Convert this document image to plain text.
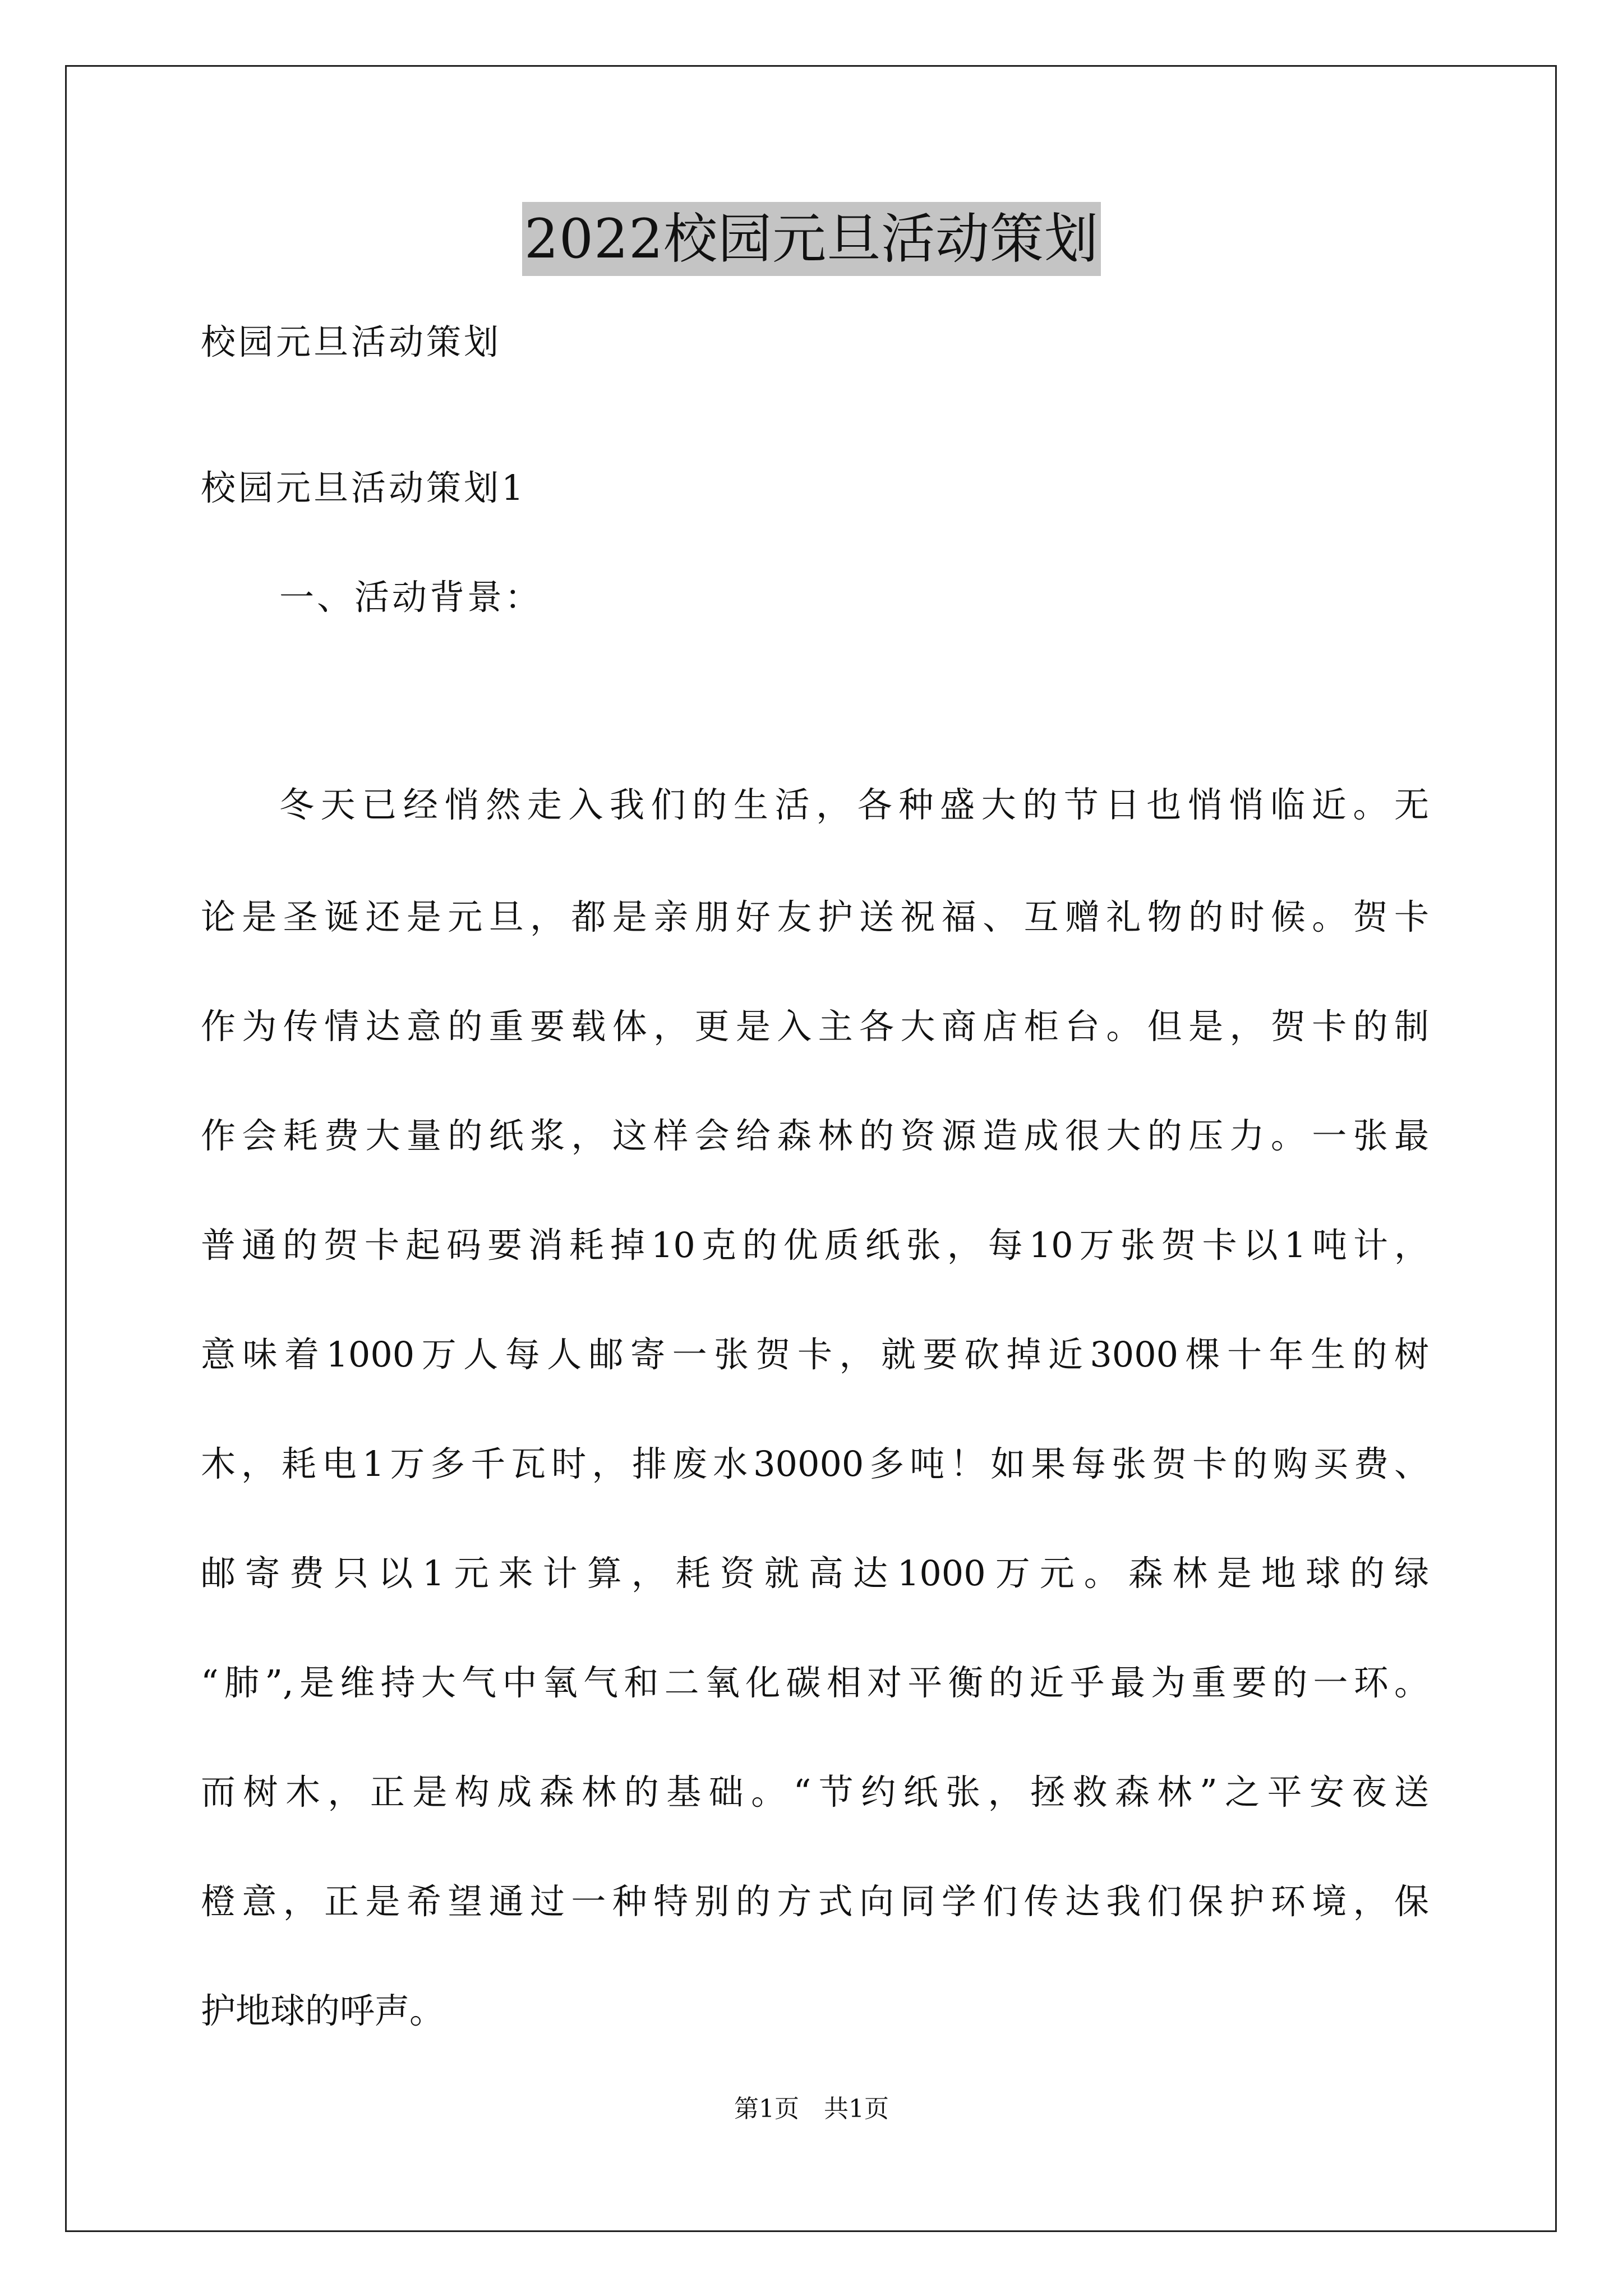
2022校园元旦活动策划
校园元旦活动策划
校园元旦活动策划1
一、活动背景：
冬天已经悄然走入我们的生活，各种盛大的节日也悄悄临近。无
论是圣诞还是元旦，都是亲朋好友护送祝福、互赠礼物的时候。贺卡
作为传情达意的重要载体，更是入主各大商店柜台。但是，贺卡的制
作会耗费大量的纸浆，这样会给森林的资源造成很大的压力。一张最
普通的贺卡起码要消耗掉10克的优质纸张，每10万张贺卡以1吨计，
意味着1000万人每人邮寄一张贺卡，就要砍掉近3000棵十年生的树
木，耗电1万多千瓦时，排废水30000多吨！如果每张贺卡的购买费、
邮寄费只以1元来计算，耗资就高达1000万元。森林是地球的绿
“肺”,是维持大气中氧气和二氧化碳相对平衡的近乎最为重要的一环。
而树木，正是构成森林的基础。“节约纸张，拯救森林”之平安夜送
橙意，正是希望通过一种特别的方式向同学们传达我们保护环境，保
护地球的呼声。
第1页　共1页
